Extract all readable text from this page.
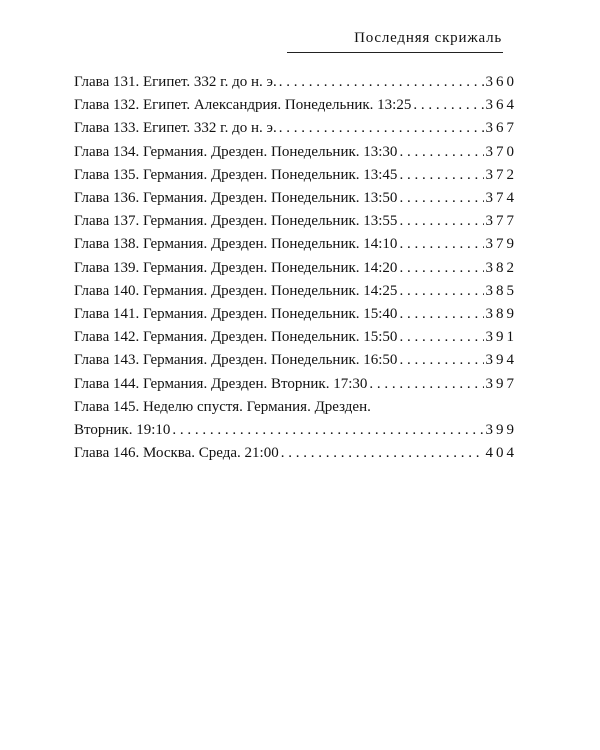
Последняя скрижаль
Глава 131. Египет. 332 г. до н. э. . . .	360
Глава 132. Египет. Александрия. Понедельник. 13:25 . . .	364
Глава 133. Египет. 332 г. до н. э. . . .	367
Глава 134. Германия. Дрезден. Понедельник. 13:30 . . .	370
Глава 135. Германия. Дрезден. Понедельник. 13:45 . . .	372
Глава 136. Германия. Дрезден. Понедельник. 13:50 . . .	374
Глава 137. Германия. Дрезден. Понедельник. 13:55 . . .	377
Глава 138. Германия. Дрезден. Понедельник. 14:10 . . .	379
Глава 139. Германия. Дрезден. Понедельник. 14:20 . . .	382
Глава 140. Германия. Дрезден. Понедельник. 14:25 . . .	385
Глава 141. Германия. Дрезден. Понедельник. 15:40 . . .	389
Глава 142. Германия. Дрезден. Понедельник. 15:50 . . .	391
Глава 143. Германия. Дрезден. Понедельник. 16:50 . . .	394
Глава 144. Германия. Дрезден. Вторник. 17:30 . . .	397
Глава 145. Неделю спустя. Германия. Дрезден.
Вторник. 19:10 . . .	399
Глава 146. Москва. Среда. 21:00 . . .	404
